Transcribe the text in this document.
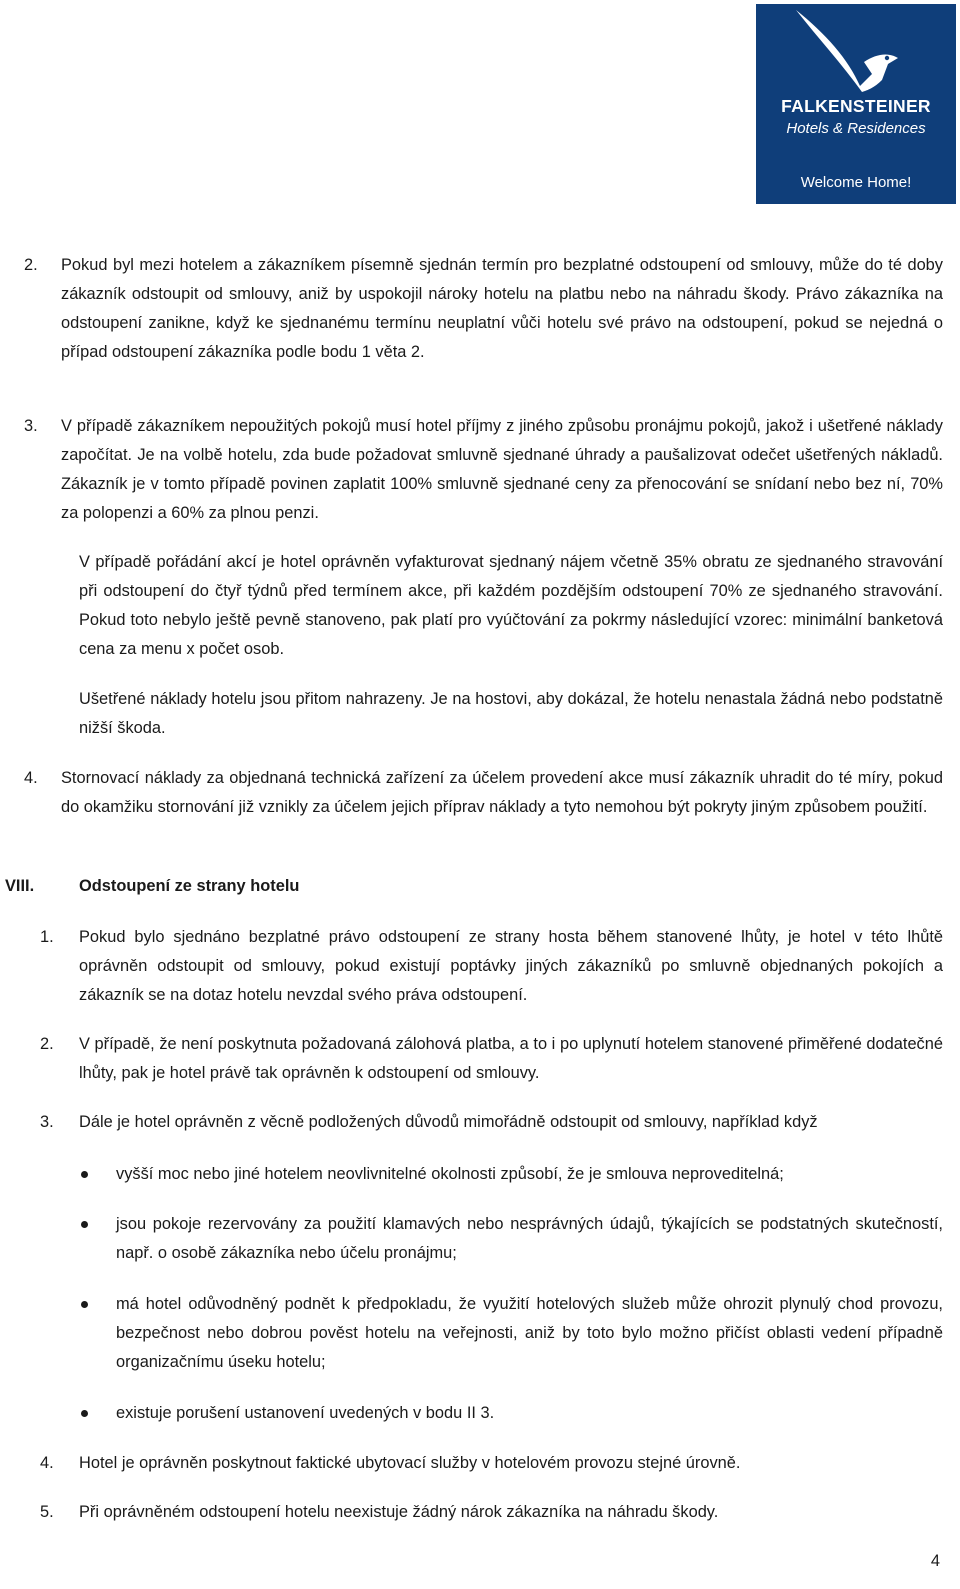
FALKENSTEINER
Hotels & Residences
Welcome Home!
2. Pokud byl mezi hotelem a zákazníkem písemně sjednán termín pro bezplatné odstoupení od smlouvy, může do té doby zákazník odstoupit od smlouvy, aniž by uspokojil nároky hotelu na platbu nebo na náhradu škody. Právo zákazníka na odstoupení zanikne, když ke sjednanému termínu neuplatní vůči hotelu své právo na odstoupení, pokud se nejedná o případ odstoupení zákazníka podle bodu 1 věta 2.
3. V případě zákazníkem nepoužitých pokojů musí hotel příjmy z jiného způsobu pronájmu pokojů, jakož i ušetřené náklady započítat. Je na volbě hotelu, zda bude požadovat smluvně sjednané úhrady a paušalizovat odečet ušetřených nákladů. Zákazník je v tomto případě povinen zaplatit 100% smluvně sjednané ceny za přenocování se snídaní nebo bez ní, 70% za polopenzi a 60% za plnou penzi.
V případě pořádání akcí je hotel oprávněn vyfakturovat sjednaný nájem včetně 35% obratu ze sjednaného stravování při odstoupení do čtyř týdnů před termínem akce, při každém pozdějším odstoupení 70% ze sjednaného stravování. Pokud toto nebylo ještě pevně stanoveno, pak platí pro vyúčtování za pokrmy následující vzorec: minimální banketová cena za menu x počet osob.
Ušetřené náklady hotelu jsou přitom nahrazeny. Je na hostovi, aby dokázal, že hotelu nenastala žádná nebo podstatně nižší škoda.
4. Stornovací náklady za objednaná technická zařízení za účelem provedení akce musí zákazník uhradit do té míry, pokud do okamžiku stornování již vznikly za účelem jejich příprav náklady a tyto nemohou být pokryty jiným způsobem použití.
VIII.	Odstoupení ze strany hotelu
1. Pokud bylo sjednáno bezplatné právo odstoupení ze strany hosta během stanovené lhůty, je hotel v této lhůtě oprávněn odstoupit od smlouvy, pokud existují poptávky jiných zákazníků po smluvně objednaných pokojích a zákazník se na dotaz hotelu nevzdal svého práva odstoupení.
2. V případě, že není poskytnuta požadovaná zálohová platba, a to i po uplynutí hotelem stanovené přiměřené dodatečné lhůty, pak je hotel právě tak oprávněn k odstoupení od smlouvy.
3. Dále je hotel oprávněn z věcně podložených důvodů mimořádně odstoupit od smlouvy, například když
vyšší moc nebo jiné hotelem neovlivnitelné okolnosti způsobí, že je smlouva neproveditelná;
jsou pokoje rezervovány za použití klamavých nebo nesprávných údajů, týkajících se podstatných skutečností, např. o osobě zákazníka nebo účelu pronájmu;
má hotel odůvodněný podnět k předpokladu, že využití hotelových služeb může ohrozit plynulý chod provozu, bezpečnost nebo dobrou pověst hotelu na veřejnosti, aniž by toto bylo možno přičíst oblasti vedení případně organizačnímu úseku hotelu;
existuje porušení ustanovení uvedených v bodu II 3.
4. Hotel je oprávněn poskytnout faktické ubytovací služby v hotelovém provozu stejné úrovně.
5. Při oprávněném odstoupení hotelu neexistuje žádný nárok zákazníka na náhradu škody.
4
